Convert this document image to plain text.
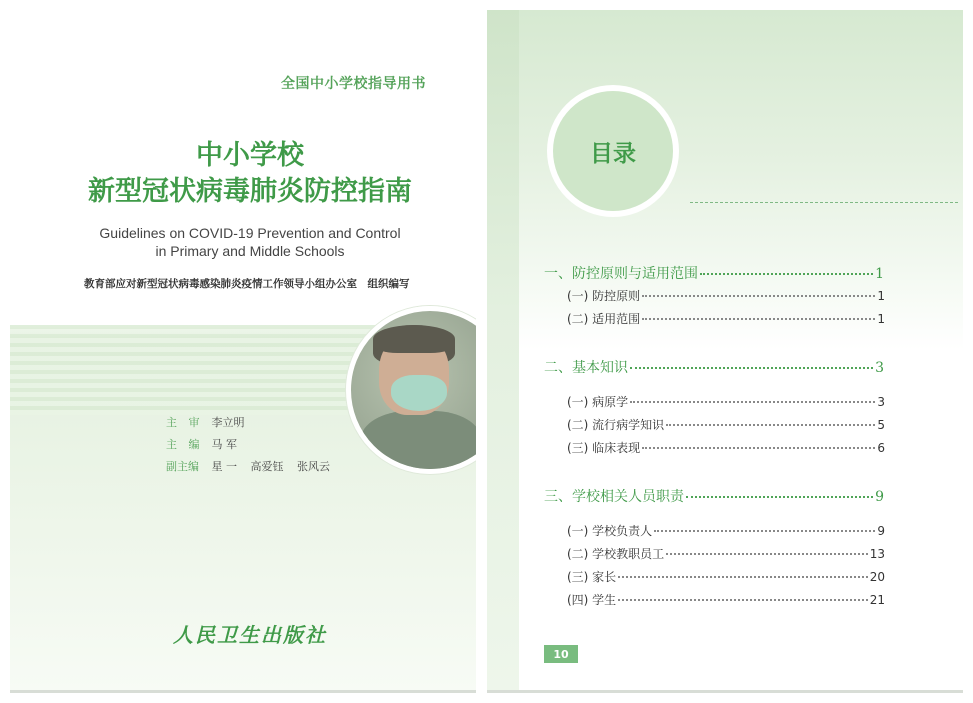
全国中小学校指导用书
中小学校
新型冠状病毒肺炎防控指南
Guidelines on COVID-19 Prevention and Control
in Primary and Middle Schools
教育部应对新型冠状病毒感染肺炎疫情工作领导小组办公室　组织编写
主 审 李立明
主 编 马 军
副主编 星 一 高爱钰 张风云
人民卫生出版社
目录
一、防控原则与适用范围	1
(一) 防控原则	1
(二) 适用范围	1
二、基本知识	3
(一) 病原学	3
(二) 流行病学知识	5
(三) 临床表现	6
三、学校相关人员职责	9
(一) 学校负责人	9
(二) 学校教职员工	13
(三) 家长	20
(四) 学生	21
10
